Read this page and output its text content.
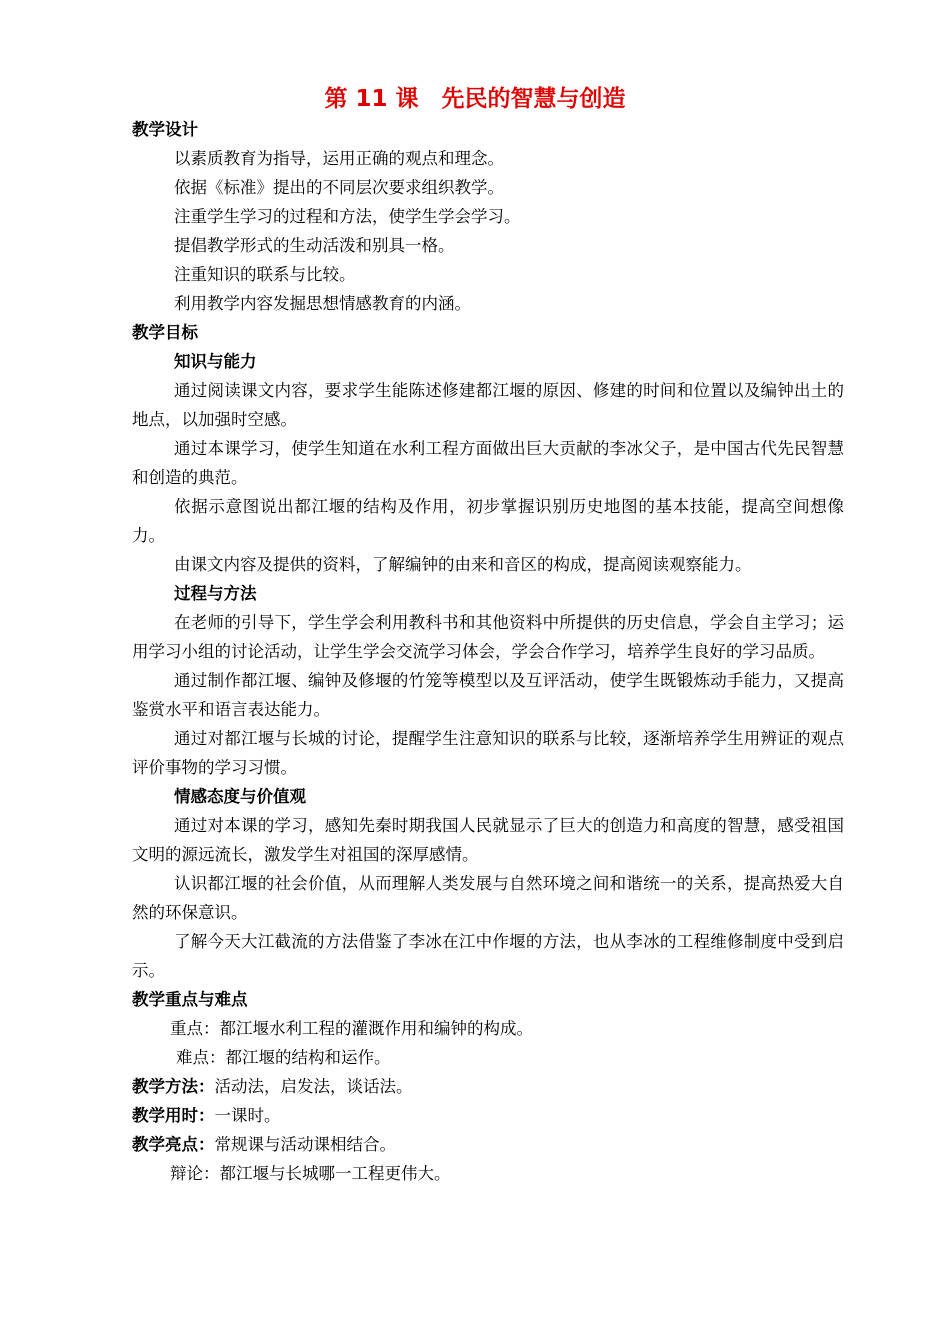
第 11 课　先民的智慧与创造
教学设计
以素质教育为指导，运用正确的观点和理念。
依据《标准》提出的不同层次要求组织教学。
注重学生学习的过程和方法，使学生学会学习。
提倡教学形式的生动活泼和别具一格。
注重知识的联系与比较。
利用教学内容发掘思想情感教育的内涵。
教学目标
知识与能力
通过阅读课文内容，要求学生能陈述修建都江堰的原因、修建的时间和位置以及编钟出土的地点，以加强时空感。
通过本课学习，使学生知道在水利工程方面做出巨大贡献的李冰父子，是中国古代先民智慧和创造的典范。
依据示意图说出都江堰的结构及作用，初步掌握识别历史地图的基本技能，提高空间想像力。
由课文内容及提供的资料，了解编钟的由来和音区的构成，提高阅读观察能力。
过程与方法
在老师的引导下，学生学会利用教科书和其他资料中所提供的历史信息，学会自主学习；运用学习小组的讨论活动，让学生学会交流学习体会，学会合作学习，培养学生良好的学习品质。
通过制作都江堰、编钟及修堰的竹笼等模型以及互评活动，使学生既锻炼动手能力，又提高鉴赏水平和语言表达能力。
通过对都江堰与长城的讨论，提醒学生注意知识的联系与比较，逐渐培养学生用辨证的观点评价事物的学习习惯。
情感态度与价值观
通过对本课的学习，感知先秦时期我国人民就显示了巨大的创造力和高度的智慧，感受祖国文明的源远流长，激发学生对祖国的深厚感情。
认识都江堰的社会价值，从而理解人类发展与自然环境之间和谐统一的关系，提高热爱大自然的环保意识。
了解今天大江截流的方法借鉴了李冰在江中作堰的方法，也从李冰的工程维修制度中受到启示。
教学重点与难点
重点：都江堰水利工程的灌溉作用和编钟的构成。
难点：都江堰的结构和运作。
教学方法：活动法，启发法，谈话法。
教学用时：一课时。
教学亮点：常规课与活动课相结合。
辩论：都江堰与长城哪一工程更伟大。
